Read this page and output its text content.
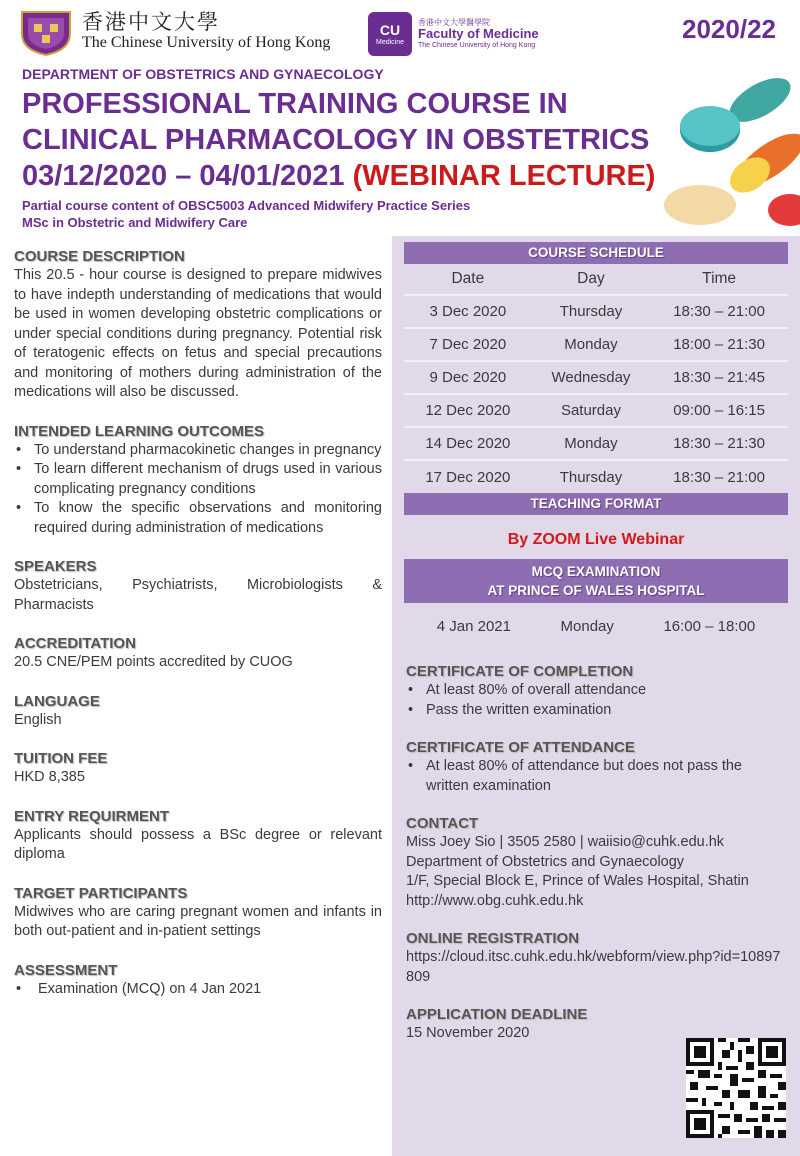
香港中文大學
The Chinese University of Hong Kong
CU
Medicine
香港中文大學醫學院
Faculty of Medicine
The Chinese University of Hong Kong
2020/22
DEPARTMENT OF OBSTETRICS AND GYNAECOLOGY
PROFESSIONAL TRAINING COURSE IN
CLINICAL PHARMACOLOGY IN OBSTETRICS
03/12/2020 – 04/01/2021 (WEBINAR LECTURE)
Partial course content of OBSC5003 Advanced Midwifery Practice Series
MSc in Obstetric and Midwifery Care
COURSE DESCRIPTION
This 20.5 - hour course is designed to prepare midwives to have indepth understanding of medications that would be used in women developing obstetric complications or under special conditions during pregnancy. Potential risk of teratogenic effects on fetus and special precautions and monitoring of mothers during administration of the medications will also be discussed.
INTENDED LEARNING OUTCOMES
• To understand pharmacokinetic changes in pregnancy
• To learn different mechanism of drugs used in various complicating pregnancy conditions
• To know the specific observations and monitoring required during administration of medications
SPEAKERS
Obstetricians, Psychiatrists, Microbiologists & Pharmacists
ACCREDITATION
20.5 CNE/PEM points accredited by CUOG
LANGUAGE
English
TUITION FEE
HKD 8,385
ENTRY REQUIRMENT
Applicants should possess a BSc degree or relevant diploma
TARGET PARTICIPANTS
Midwives who are caring pregnant women and infants in both out-patient and in-patient settings
ASSESSMENT
• Examination (MCQ) on 4 Jan 2021
COURSE SCHEDULE
Date	Day	Time
3 Dec 2020	Thursday	18:30 – 21:00
7 Dec 2020	Monday	18:00 – 21:30
9 Dec 2020	Wednesday	18:30 – 21:45
12 Dec 2020	Saturday	09:00 – 16:15
14 Dec 2020	Monday	18:30 – 21:30
17 Dec 2020	Thursday	18:30 – 21:00
TEACHING FORMAT
By ZOOM Live Webinar
MCQ EXAMINATION
AT PRINCE OF WALES HOSPITAL
4 Jan 2021	Monday	16:00 – 18:00
CERTIFICATE OF COMPLETION
• At least 80% of overall attendance
• Pass the written examination
CERTIFICATE OF ATTENDANCE
• At least 80% of attendance but does not pass the written examination
CONTACT
Miss Joey Sio | 3505 2580 | waiisio@cuhk.edu.hk
Department of Obstetrics and Gynaecology
1/F, Special Block E, Prince of Wales Hospital, Shatin
http://www.obg.cuhk.edu.hk
ONLINE REGISTRATION
https://cloud.itsc.cuhk.edu.hk/webform/view.php?id=10897809
APPLICATION DEADLINE
15 November 2020
